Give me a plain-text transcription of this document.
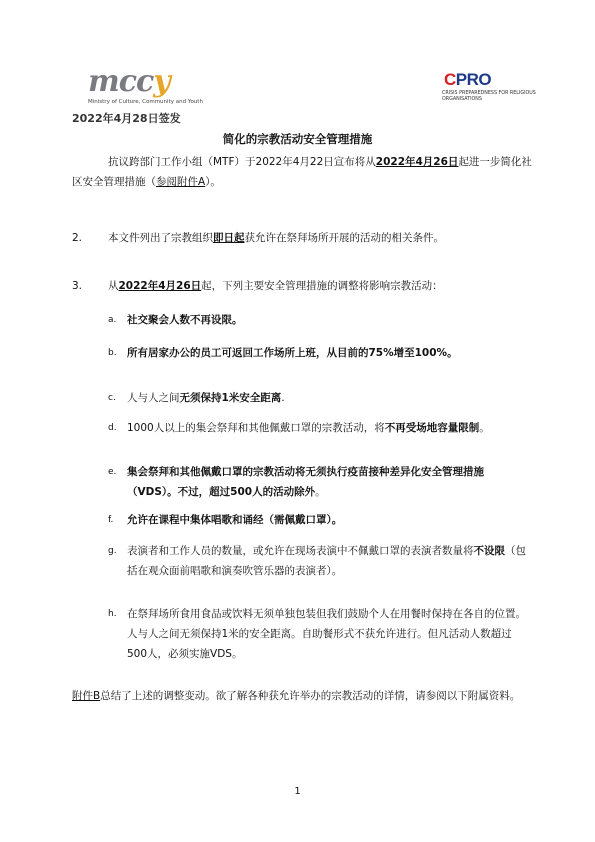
mccy
Ministry of Culture, Community and Youth
CPRO
CRISIS PREPAREDNESS FOR RELIGIOUS ORGANISATIONS
2022年4月28日签发
简化的宗教活动安全管理措施
抗议跨部门工作小组（MTF）于2022年4月22日宣布将从2022年4月26日起进一步简化社区安全管理措施（参阅附件A）。
2. 本文件列出了宗教组织即日起获允许在祭拜场所开展的活动的相关条件。
3. 从2022年4月26日起，下列主要安全管理措施的调整将影响宗教活动：
a. 社交聚会人数不再设限。
b. 所有居家办公的员工可返回工作场所上班，从目前的75%增至100%。
c. 人与人之间无须保持1米安全距离.
d. 1000人以上的集会祭拜和其他佩戴口罩的宗教活动，将不再受场地容量限制。
e. 集会祭拜和其他佩戴口罩的宗教活动将无须执行疫苗接种差异化安全管理措施（VDS）。不过，超过500人的活动除外。
f. 允许在课程中集体唱歌和诵经（需佩戴口罩）。
g. 表演者和工作人员的数量，或允许在现场表演中不佩戴口罩的表演者数量将不设限（包括在观众面前唱歌和演奏吹管乐器的表演者）。
h. 在祭拜场所食用食品或饮料无须单独包装但我们鼓励个人在用餐时保持在各自的位置。人与人之间无须保持1米的安全距离。自助餐形式不获允许进行。但凡活动人数超过500人，必须实施VDS。
附件B总结了上述的调整变动。欲了解各种获允许举办的宗教活动的详情，请参阅以下附属资料。
1
